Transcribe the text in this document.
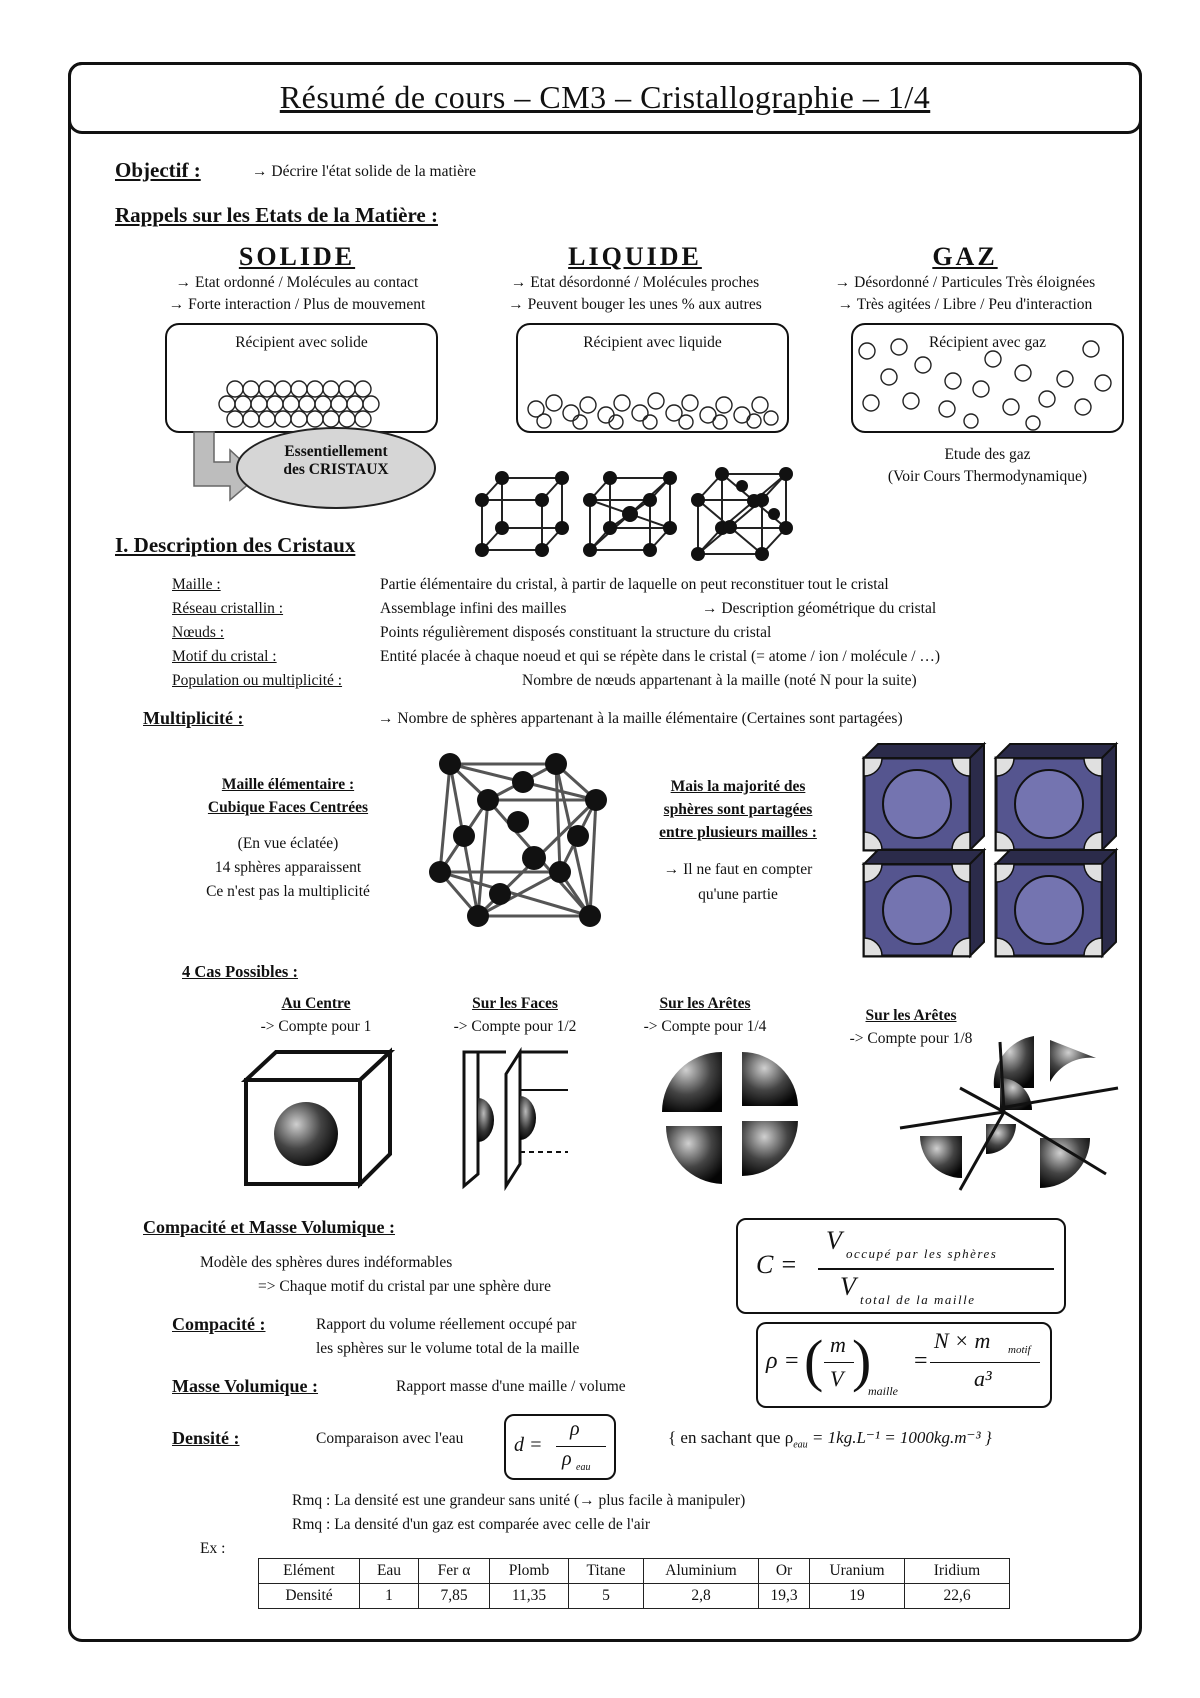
Résumé de cours – CM3 – Cristallographie – 1/4
Objectif :	→ Décrire l'état solide de la matière
Rappels sur les Etats de la Matière :
SOLIDE
→ Etat ordonné / Molécules au contact
→ Forte interaction / Plus de mouvement
LIQUIDE
→ Etat désordonné / Molécules proches
→ Peuvent bouger les unes % aux autres
GAZ
→ Désordonné / Particules Très éloignées
→ Très agitées / Libre / Peu d'interaction
Récipient avec solide	Récipient avec liquide	Récipient avec gaz
Essentiellement
des CRISTAUX
Etude des gaz
(Voir Cours Thermodynamique)
I. Description des Cristaux
Maille :	Partie élémentaire du cristal, à partir de laquelle on peut reconstituer tout le cristal
Réseau cristallin :	Assemblage infini des mailles	→ Description géométrique du cristal
Nœuds :	Points régulièrement disposés constituant la structure du cristal
Motif du cristal :	Entité placée à chaque noeud et qui se répète dans le cristal (= atome / ion / molécule / …)
Population ou multiplicité :	Nombre de nœuds appartenant à la maille (noté N pour la suite)
Multiplicité :	→ Nombre de sphères appartenant à la maille élémentaire (Certaines sont partagées)
Maille élémentaire :
Cubique Faces Centrées
(En vue éclatée)
14 sphères apparaissent
Ce n'est pas la multiplicité
Mais la majorité des
sphères sont partagées
entre plusieurs mailles :
→ Il ne faut en compter
qu'une partie
4 Cas Possibles :
Au Centre
-> Compte pour 1
Sur les Faces
-> Compte pour 1/2
Sur les Arêtes
-> Compte pour 1/4
Sur les Arêtes
-> Compte pour 1/8
Compacité et Masse Volumique :
Modèle des sphères dures indéformables
=> Chaque motif du cristal par une sphère dure
Compacité :	Rapport du volume réellement occupé par
les sphères sur le volume total de la maille
Masse Volumique :	Rapport masse d'une maille / volume
Densité :	Comparaison avec l'eau
C =
V occupé par les sphères
V total de la maille
ρ = ( m
V )
maille
=
N × m motif
a³
d =
ρ
ρ eau
{ en sachant que $\rho_{eau} = 1kg.L^{-1} = 1000kg.m^{-3}$ }
Rmq : La densité est une grandeur sans unité (→ plus facile à manipuler)
Rmq : La densité d'un gaz est comparée avec celle de l'air
Ex :
Elément	Eau	Fer α	Plomb	Titane	Aluminium	Or	Uranium	Iridium
Densité	1	7,85	11,35	5	2,8	19,3	19	22,6
